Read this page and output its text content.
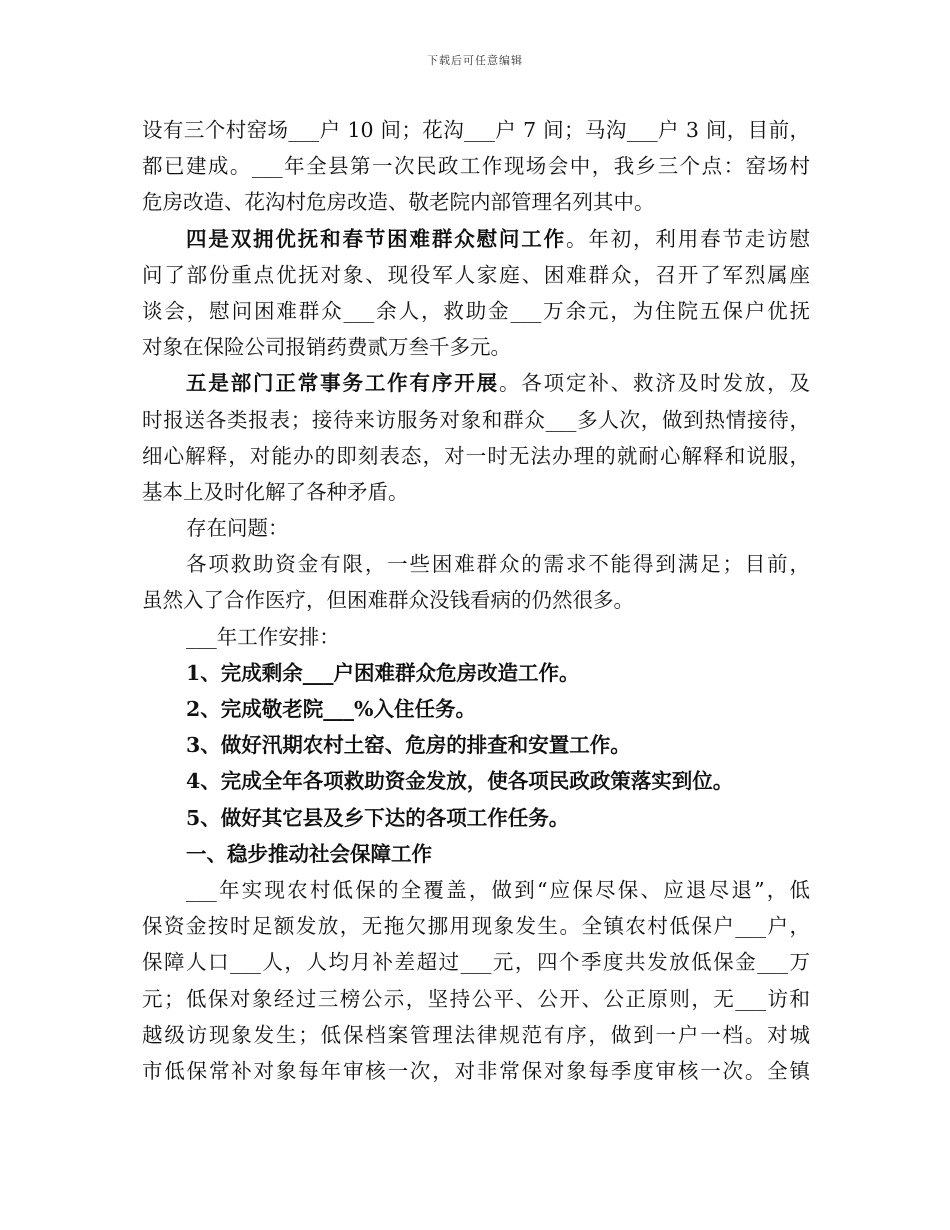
下载后可任意编辑
设有三个村窑场___户 10 间；花沟___户 7 间；马沟___户 3 间，目前，
都已建成。___年全县第一次民政工作现场会中，我乡三个点：窑场村
危房改造、花沟村危房改造、敬老院内部管理名列其中。
四是双拥优抚和春节困难群众慰问工作。年初，利用春节走访慰
问了部份重点优抚对象、现役军人家庭、困难群众，召开了军烈属座
谈会，慰问困难群众___余人，救助金___万余元，为住院五保户优抚
对象在保险公司报销药费贰万叁千多元。
五是部门正常事务工作有序开展。各项定补、救济及时发放，及
时报送各类报表；接待来访服务对象和群众___多人次，做到热情接待，
细心解释，对能办的即刻表态，对一时无法办理的就耐心解释和说服，
基本上及时化解了各种矛盾。
存在问题：
各项救助资金有限，一些困难群众的需求不能得到满足；目前，
虽然入了合作医疗，但困难群众没钱看病的仍然很多。
___年工作安排：
1、完成剩余___户困难群众危房改造工作。
2、完成敬老院___%入住任务。
3、做好汛期农村土窑、危房的排查和安置工作。
4、完成全年各项救助资金发放，使各项民政政策落实到位。
5、做好其它县及乡下达的各项工作任务。
一、稳步推动社会保障工作
___年实现农村低保的全覆盖，做到“应保尽保、应退尽退”，低
保资金按时足额发放，无拖欠挪用现象发生。全镇农村低保户___户，
保障人口___人，人均月补差超过___元，四个季度共发放低保金___万
元；低保对象经过三榜公示，坚持公平、公开、公正原则，无___访和
越级访现象发生；低保档案管理法律规范有序，做到一户一档。对城
市低保常补对象每年审核一次，对非常保对象每季度审核一次。全镇
